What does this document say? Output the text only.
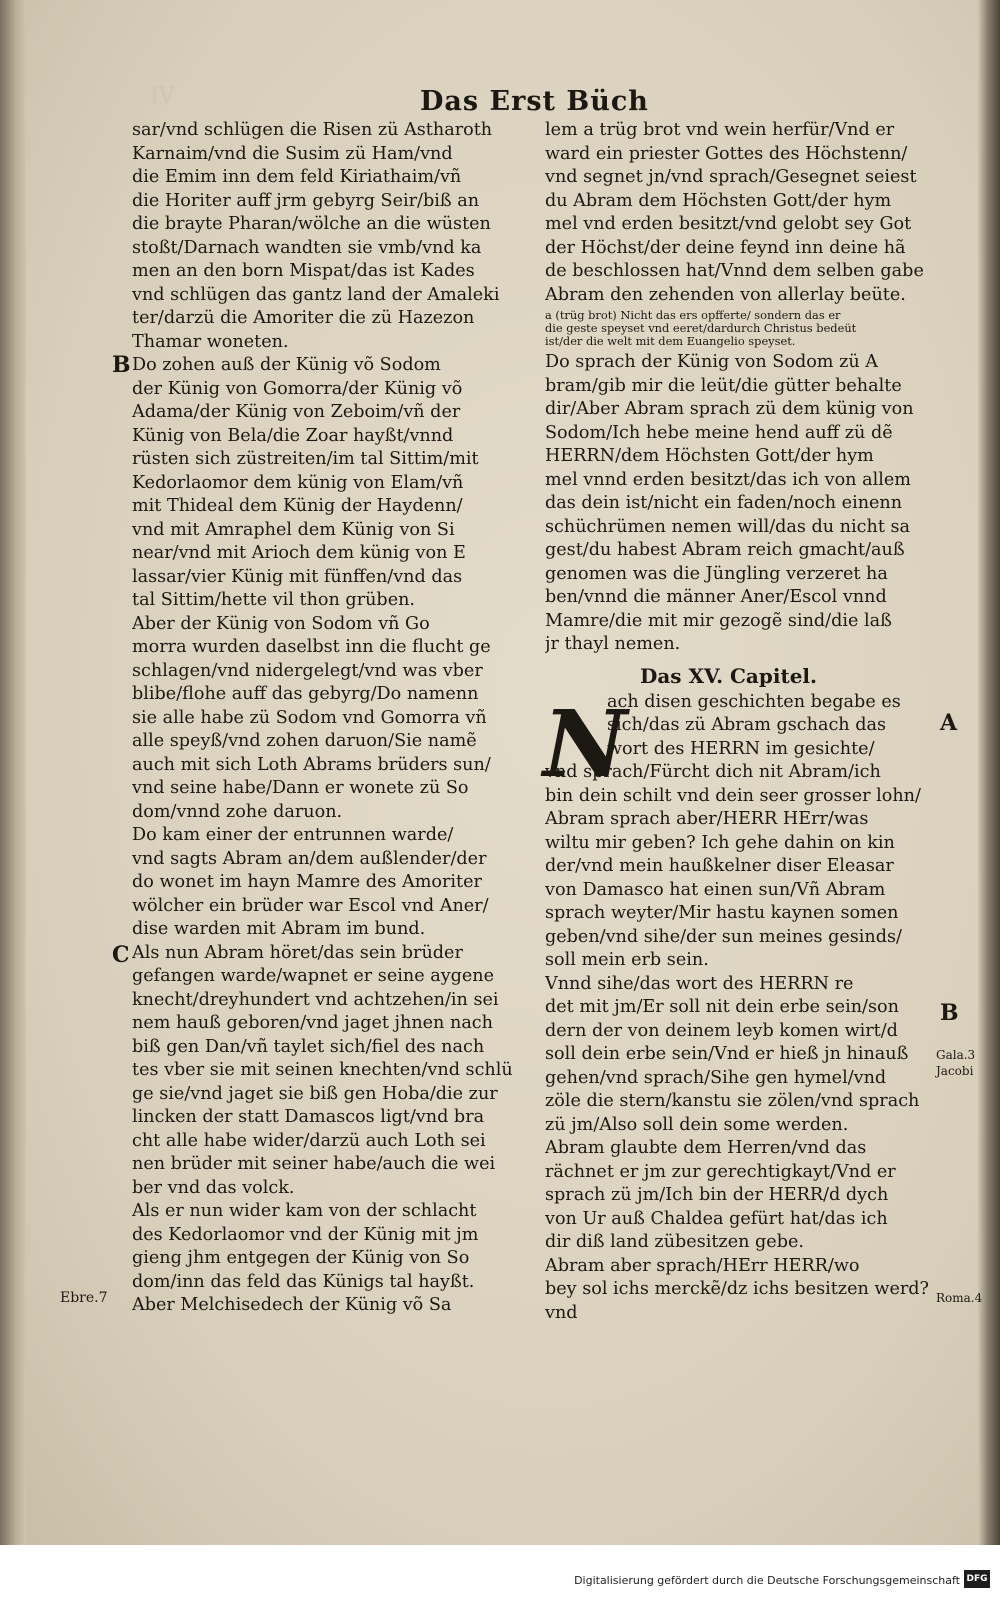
IV	Das Erst Büch
sar/vnd schlügen die Risen zü Astharoth
Karnaim/vnd die Susim zü Ham/vnd
die Emim inn dem feld Kiriathaim/vñ
die Horiter auff jrm gebyrg Seir/biß an
die brayte Pharan/wölche an die wüsten
stoßt/Darnach wandten sie vmb/vnd ka
men an den born Mispat/das ist Kades
vnd schlügen das gantz land der Amaleki
ter/darzü die Amoriter die zü Hazezon
Thamar woneten.
Do zohen auß der Künig võ Sodom
der Künig von Gomorra/der Künig võ
Adama/der Künig von Zeboim/vñ der
Künig von Bela/die Zoar hayßt/vnnd
rüsten sich züstreiten/im tal Sittim/mit
Kedorlaomor dem künig von Elam/vñ
mit Thideal dem Künig der Haydenn/
vnd mit Amraphel dem Künig von Si
near/vnd mit Arioch dem künig von E
lassar/vier Künig mit fünffen/vnd das
tal Sittim/hette vil thon grüben.
Aber der Künig von Sodom vñ Go
morra wurden daselbst inn die flucht ge
schlagen/vnd nidergelegt/vnd was vber
blibe/flohe auff das gebyrg/Do namenn
sie alle habe zü Sodom vnd Gomorra vñ
alle speyß/vnd zohen daruon/Sie namẽ
auch mit sich Loth Abrams brüders sun/
vnd seine habe/Dann er wonete zü So
dom/vnnd zohe daruon.
Do kam einer der entrunnen warde/
vnd sagts Abram an/dem außlender/der
do wonet im hayn Mamre des Amoriter
wölcher ein brüder war Escol vnd Aner/
dise warden mit Abram im bund.
Als nun Abram höret/das sein brüder
gefangen warde/wapnet er seine aygene
knecht/dreyhundert vnd achtzehen/in sei
nem hauß geboren/vnd jaget jhnen nach
biß gen Dan/vñ taylet sich/fiel des nach
tes vber sie mit seinen knechten/vnd schlü
ge sie/vnd jaget sie biß gen Hoba/die zur
lincken der statt Damascos ligt/vnd bra
cht alle habe wider/darzü auch Loth sei
nen brüder mit seiner habe/auch die wei
ber vnd das volck.
Als er nun wider kam von der schlacht
des Kedorlaomor vnd der Künig mit jm
gieng jhm entgegen der Künig von So
dom/inn das feld das Künigs tal hayßt.
Aber Melchisedech der Künig võ Sa
lem a trüg brot vnd wein herfür/Vnd er
ward ein priester Gottes des Höchstenn/
vnd segnet jn/vnd sprach/Gesegnet seiest
du Abram dem Höchsten Gott/der hym
mel vnd erden besitzt/vnd gelobt sey Got
der Höchst/der deine feynd inn deine hã
de beschlossen hat/Vnnd dem selben gabe
Abram den zehenden von allerlay beüte.
a (trüg brot) Nicht das ers opfferte/ sondern das er
die geste speyset vnd eeret/dardurch Christus bedeüt
ist/der die welt mit dem Euangelio speyset.
Do sprach der Künig von Sodom zü A
bram/gib mir die leüt/die gütter behalte
dir/Aber Abram sprach zü dem künig von
Sodom/Ich hebe meine hend auff zü dẽ
HERRN/dem Höchsten Gott/der hym
mel vnnd erden besitzt/das ich von allem
das dein ist/nicht ein faden/noch einenn
schüchrümen nemen will/das du nicht sa
gest/du habest Abram reich gmacht/auß
genomen was die Jüngling verzeret ha
ben/vnnd die männer Aner/Escol vnnd
Mamre/die mit mir gezogẽ sind/die laß
jr thayl nemen.
Das XV. Capitel.
ach disen geschichten begabe es
sich/das zü Abram gschach das
wort des HERRN im gesichte/
vnd sprach/Fürcht dich nit Abram/ich
bin dein schilt vnd dein seer grosser lohn/
Abram sprach aber/HERR HErr/was
wiltu mir geben? Ich gehe dahin on kin
der/vnd mein haußkelner diser Eleasar
von Damasco hat einen sun/Vñ Abram
sprach weyter/Mir hastu kaynen somen
geben/vnd sihe/der sun meines gesinds/
soll mein erb sein.
Vnnd sihe/das wort des HERRN re
det mit jm/Er soll nit dein erbe sein/son
dern der von deinem leyb komen wirt/d
soll dein erbe sein/Vnd er hieß jn hinauß
gehen/vnd sprach/Sihe gen hymel/vnd
zöle die stern/kanstu sie zölen/vnd sprach
zü jm/Also soll dein some werden.
Abram glaubte dem Herren/vnd das
rächnet er jm zur gerechtigkayt/Vnd er
sprach zü jm/Ich bin der HERR/d dych
von Ur auß Chaldea gefürt hat/das ich
dir diß land zübesitzen gebe.
Abram aber sprach/HErr HERR/wo
bey sol ichs merckẽ/dz ichs besitzen werd?
vnd
N
B
C
Ebre.7
A
B
Gala.3
Jacobi
Roma.4
Digitalisierung gefördert durch die Deutsche Forschungsgemeinschaft DFG
